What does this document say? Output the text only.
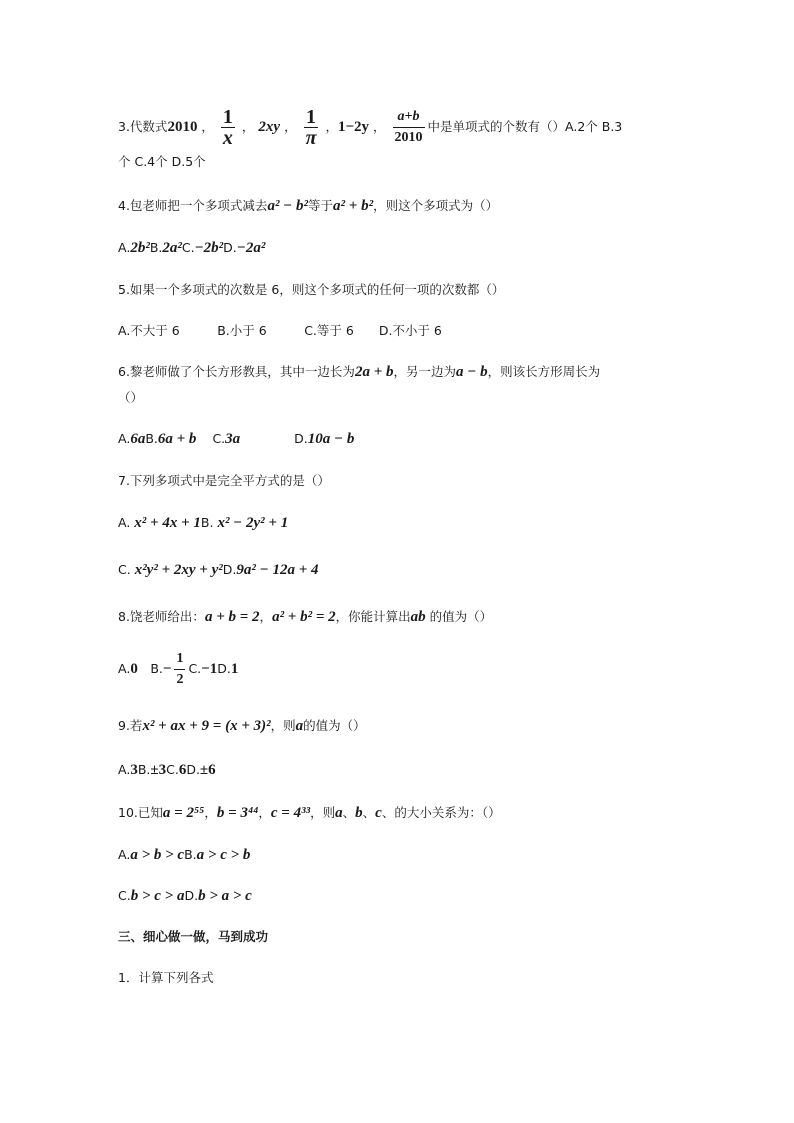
3.代数式2010 ， $\frac{1}{x}$ ， 2xy ， $\frac{1}{\pi}$ ，1−2y ， $\frac{a+b}{2010}$ 中是单项式的个数有（）A.2个 B.3
个 C.4个 D.5个
4.包老师把一个多项式减去a² − b²等于a² + b²，则这个多项式为（）
A.2b²B.2a²C.−2b²D.−2a²
5.如果一个多项式的次数是 6，则这个多项式的任何一项的次数都（）
A.不大于 6　　　B.小于 6　　　C.等于 6　　D.不小于 6
6.黎老师做了个长方形教具，其中一边长为2a + b，另一边为a − b，则该长方形周长为
（）
A.6aB.6a + b C.3a	D.10a − b
7.下列多项式中是完全平方式的是（）
A. x² + 4x + 1B. x² − 2y² + 1
C. x²y² + 2xy + y²D.9a² − 12a + 4
8.饶老师给出：a + b = 2，a² + b² = 2，你能计算出ab 的值为（）
A.0　 $B.- \frac{1}{2} C.-1D.1$
9.若x² + ax + 9 = (x + 3)²，则a的值为（）
A.3B.±3C.6D.±6
10.已知a = 2⁵⁵，b = 3⁴⁴，c = 4³³，则a、b、c、的大小关系为：（）
A.a > b > cB.a > c > b
C.b > c > aD.b > a > c
三、细心做一做，马到成功
1．计算下列各式
